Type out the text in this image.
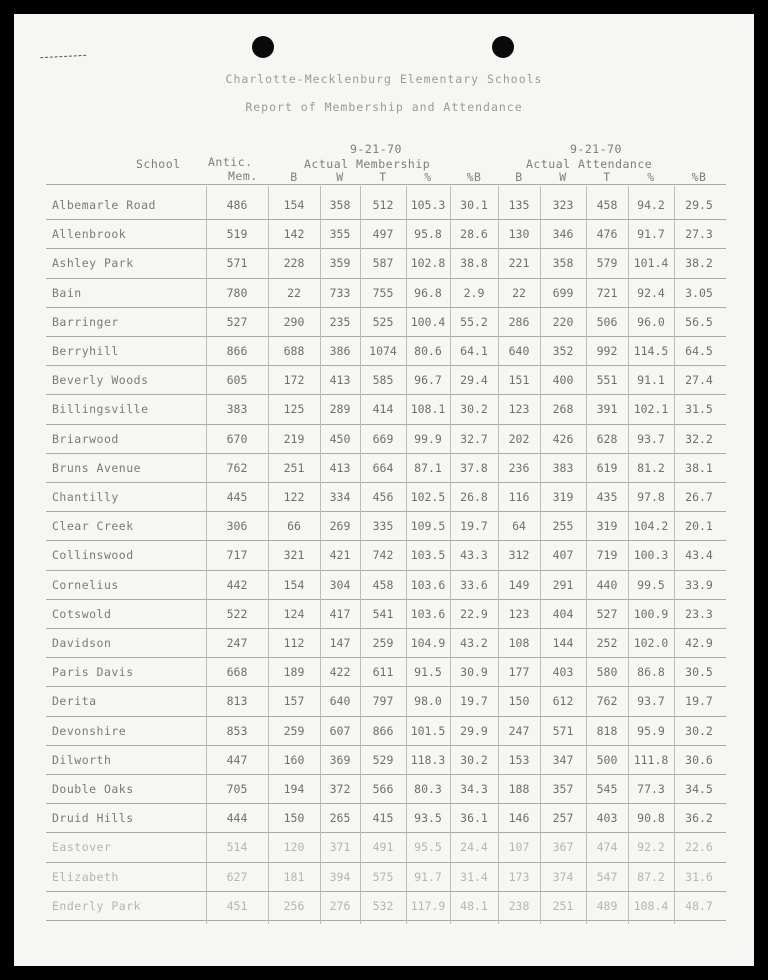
Charlotte-Mecklenburg Elementary Schools
Report of Membership and Attendance
School Antic.
Mem.
9-21-70
Actual Membership
9-21-70
Actual Attendance
B	W	T	%	%B	B	W	T	%	%B
Albemarle Road	486	154	358	512	105.3	30.1	135	323	458	94.2	29.5
Allenbrook	519	142	355	497	95.8	28.6	130	346	476	91.7	27.3
Ashley Park	571	228	359	587	102.8	38.8	221	358	579	101.4	38.2
Bain	780	22	733	755	96.8	2.9	22	699	721	92.4	3.05
Barringer	527	290	235	525	100.4	55.2	286	220	506	96.0	56.5
Berryhill	866	688	386	1074	80.6	64.1	640	352	992	114.5	64.5
Beverly Woods	605	172	413	585	96.7	29.4	151	400	551	91.1	27.4
Billingsville	383	125	289	414	108.1	30.2	123	268	391	102.1	31.5
Briarwood	670	219	450	669	99.9	32.7	202	426	628	93.7	32.2
Bruns Avenue	762	251	413	664	87.1	37.8	236	383	619	81.2	38.1
Chantilly	445	122	334	456	102.5	26.8	116	319	435	97.8	26.7
Clear Creek	306	66	269	335	109.5	19.7	64	255	319	104.2	20.1
Collinswood	717	321	421	742	103.5	43.3	312	407	719	100.3	43.4
Cornelius	442	154	304	458	103.6	33.6	149	291	440	99.5	33.9
Cotswold	522	124	417	541	103.6	22.9	123	404	527	100.9	23.3
Davidson	247	112	147	259	104.9	43.2	108	144	252	102.0	42.9
Paris Davis	668	189	422	611	91.5	30.9	177	403	580	86.8	30.5
Derita	813	157	640	797	98.0	19.7	150	612	762	93.7	19.7
Devonshire	853	259	607	866	101.5	29.9	247	571	818	95.9	30.2
Dilworth	447	160	369	529	118.3	30.2	153	347	500	111.8	30.6
Double Oaks	705	194	372	566	80.3	34.3	188	357	545	77.3	34.5
Druid Hills	444	150	265	415	93.5	36.1	146	257	403	90.8	36.2
Eastover	514	120	371	491	95.5	24.4	107	367	474	92.2	22.6
Elizabeth	627	181	394	575	91.7	31.4	173	374	547	87.2	31.6
Enderly Park	451	256	276	532	117.9	48.1	238	251	489	108.4	48.7
